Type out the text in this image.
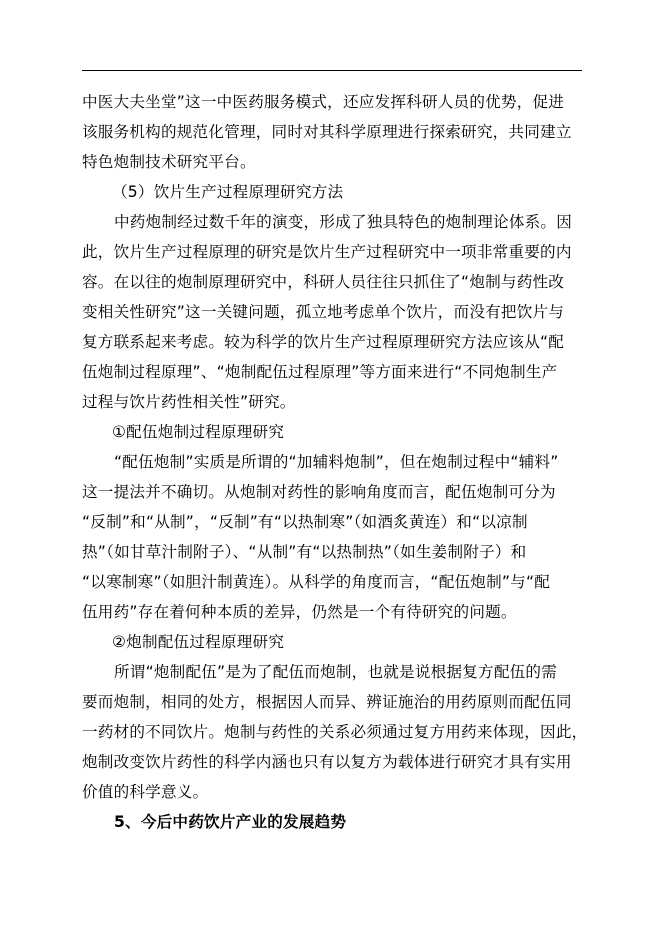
中医大夫坐堂”这一中医药服务模式，还应发挥科研人员的优势，促进
该服务机构的规范化管理，同时对其科学原理进行探索研究，共同建立
特色炮制技术研究平台。
（5）饮片生产过程原理研究方法
中药炮制经过数千年的演变，形成了独具特色的炮制理论体系。因
此，饮片生产过程原理的研究是饮片生产过程研究中一项非常重要的内
容。在以往的炮制原理研究中，科研人员往往只抓住了“炮制与药性改
变相关性研究”这一关键问题，孤立地考虑单个饮片，而没有把饮片与
复方联系起来考虑。较为科学的饮片生产过程原理研究方法应该从“配
伍炮制过程原理”、“炮制配伍过程原理”等方面来进行“不同炮制生产
过程与饮片药性相关性”研究。
①配伍炮制过程原理研究
“配伍炮制”实质是所谓的“加辅料炮制”，但在炮制过程中“辅料”
这一提法并不确切。从炮制对药性的影响角度而言，配伍炮制可分为
“反制”和“从制”，“反制”有“以热制寒”（如酒炙黄连）和“以凉制
热”（如甘草汁制附子）、“从制”有“以热制热”（如生姜制附子）和
“以寒制寒”（如胆汁制黄连）。从科学的角度而言，“配伍炮制”与“配
伍用药”存在着何种本质的差异，仍然是一个有待研究的问题。
②炮制配伍过程原理研究
所谓“炮制配伍”是为了配伍而炮制，也就是说根据复方配伍的需
要而炮制，相同的处方，根据因人而异、辨证施治的用药原则而配伍同
一药材的不同饮片。炮制与药性的关系必须通过复方用药来体现，因此，
炮制改变饮片药性的科学内涵也只有以复方为载体进行研究才具有实用
价值的科学意义。
5、今后中药饮片产业的发展趋势
